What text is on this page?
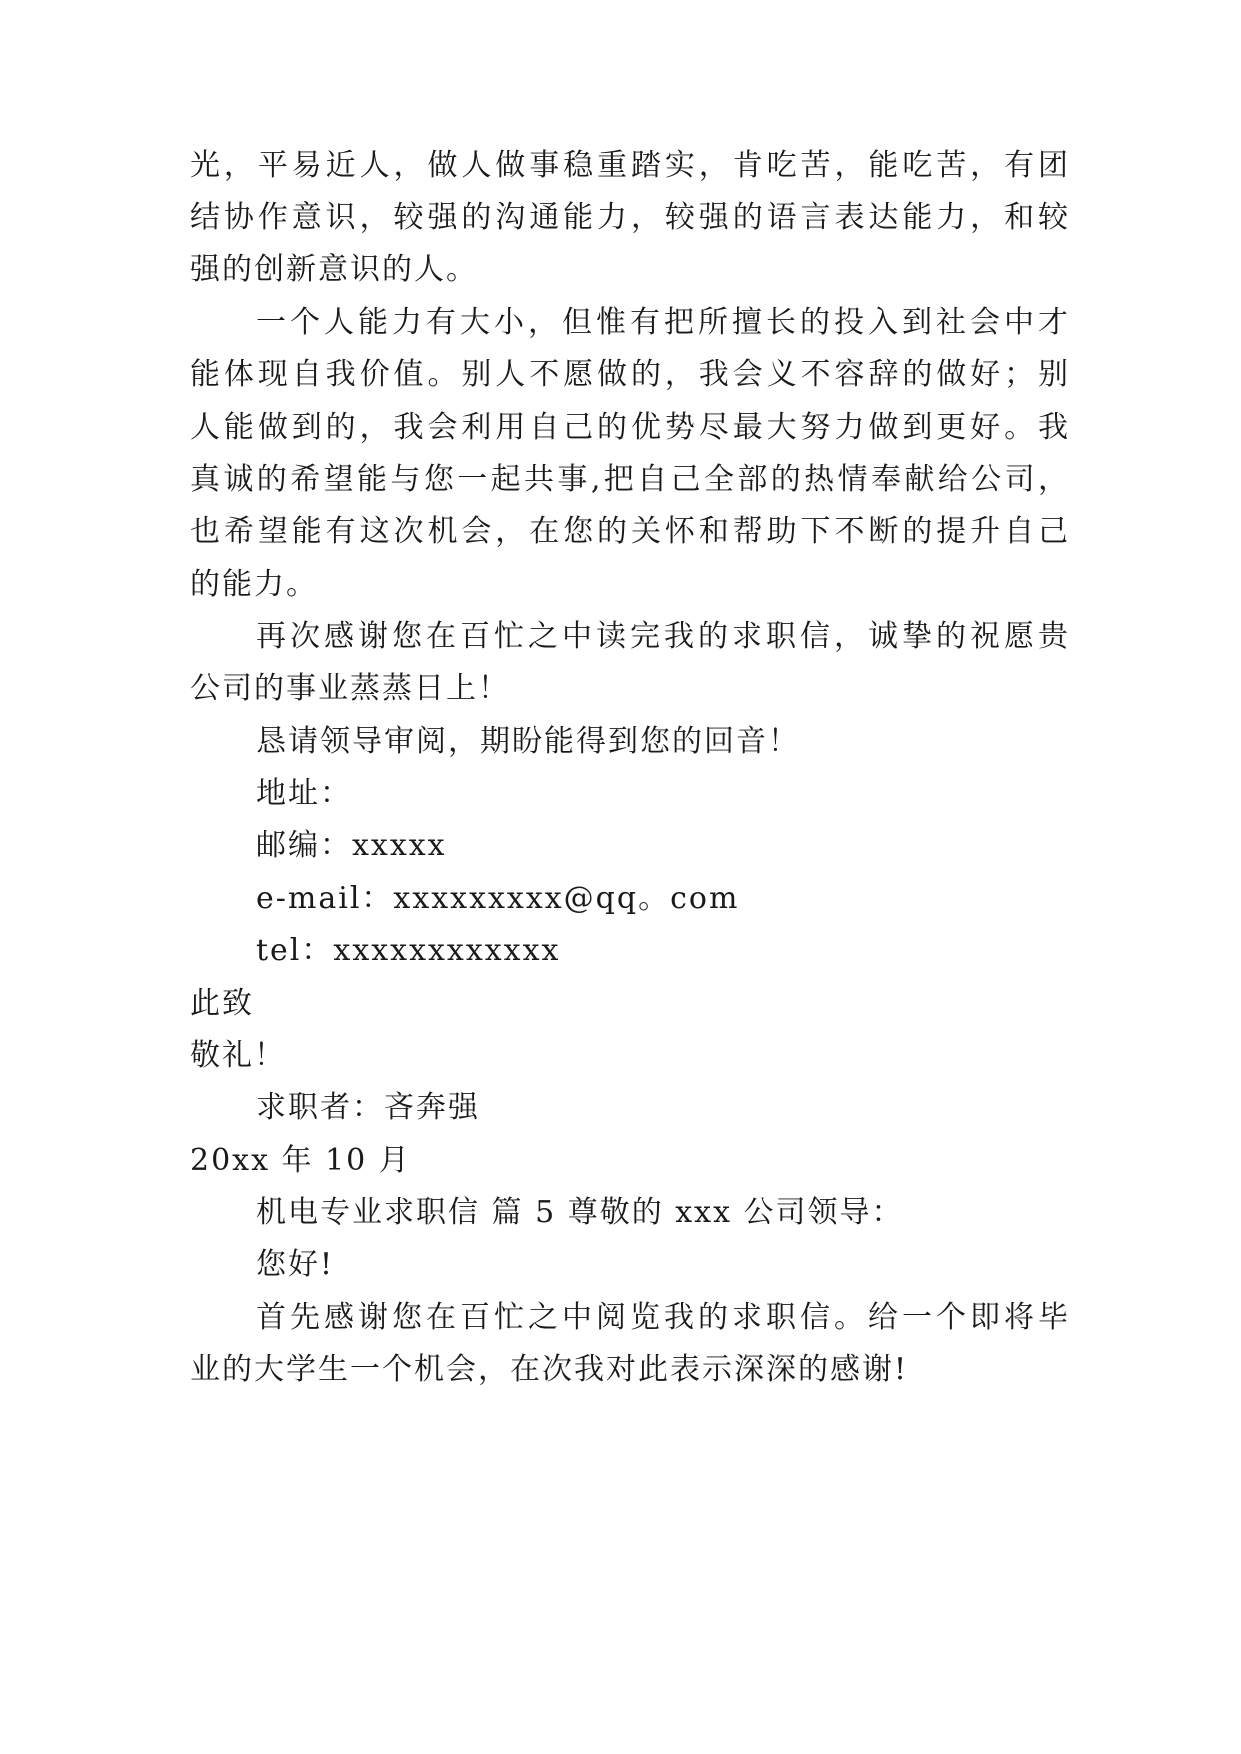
光，平易近人，做人做事稳重踏实，肯吃苦，能吃苦，有团
结协作意识，较强的沟通能力，较强的语言表达能力，和较
强的创新意识的人。
一个人能力有大小，但惟有把所擅长的投入到社会中才
能体现自我价值。别人不愿做的，我会义不容辞的做好；别
人能做到的，我会利用自己的优势尽最大努力做到更好。我
真诚的希望能与您一起共事,把自己全部的热情奉献给公司，
也希望能有这次机会，在您的关怀和帮助下不断的提升自己
的能力。
再次感谢您在百忙之中读完我的求职信，诚挚的祝愿贵
公司的事业蒸蒸日上！
恳请领导审阅，期盼能得到您的回音！
地址：
邮编：xxxxx
e-mail：xxxxxxxxx@qq。com
tel：xxxxxxxxxxxx
此致
敬礼！
求职者：吝奔强
20xx 年 10 月
机电专业求职信 篇 5 尊敬的 xxx 公司领导：
您好!
首先感谢您在百忙之中阅览我的求职信。给一个即将毕
业的大学生一个机会，在次我对此表示深深的感谢!
